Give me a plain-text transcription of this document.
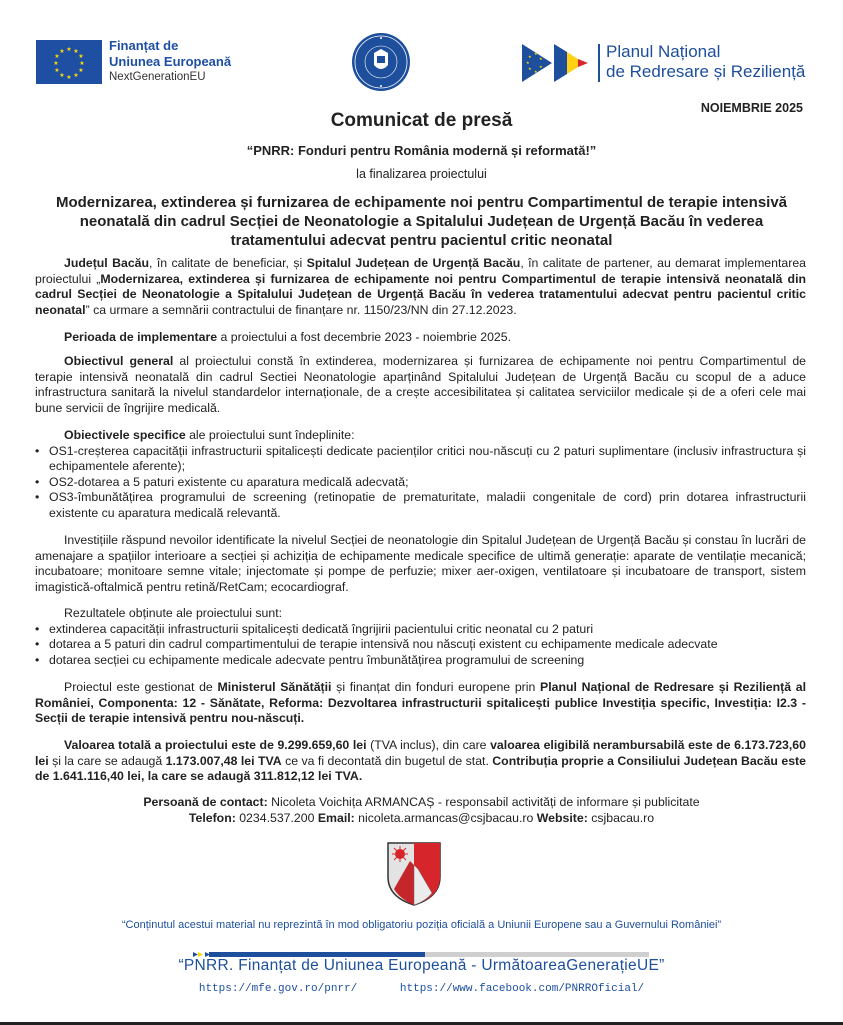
★ ★
★
★
★
★
★
★
★
★
★
★	Finanțat de
Uniunea Europeană
NextGenerationEU
★
★
★
★
★
★
★
Planul Național
de Redresare și Reziliență
NOIEMBRIE 2025
Comunicat de presă
“PNRR: Fonduri pentru România modernă și reformată!”
la finalizarea proiectului
Modernizarea, extinderea și furnizarea de echipamente noi pentru Compartimentul de terapie intensivă neonatală din cadrul Secției de Neonatologie a Spitalului Județean de Urgență Bacău în vederea tratamentului adecvat pentru pacientul critic neonatal

Județul Bacău, în calitate de beneficiar, și Spitalul Județean de Urgență Bacău, în calitate de partener, au demarat implementarea proiectului „Modernizarea, extinderea și furnizarea de echipamente noi pentru Compartimentul de terapie intensivă neonatală din cadrul Secției de Neonatologie a Spitalului Județean de Urgență Bacău în vederea tratamentului adecvat pentru pacientul critic neonatal” ca urmare a semnării contractului de finanțare nr. 1150/23/NN din 27.12.2023.

Perioada de implementare a proiectului a fost decembrie 2023 - noiembrie 2025.

Obiectivul general al proiectului constă în extinderea, modernizarea și furnizarea de echipamente noi pentru Compartimentul de terapie intensivă neonatală din cadrul Sectiei Neonatologie aparținând Spitalului Județean de Urgență Bacău cu scopul de a aduce infrastructura sanitară la nivelul standardelor internaționale, de a crește accesibilitatea și calitatea serviciilor medicale și de a oferi cele mai bune servicii de îngrijire medicală.

Obiectivele specifice ale proiectului sunt îndeplinite:

• OS1-creșterea capacității infrastructurii spitalicești dedicate pacienților critici nou-născuți cu 2 paturi suplimentare (inclusiv infrastructura și echipamentele aferente);
• OS2-dotarea a 5 paturi existente cu aparatura medicală adecvată;
• OS3-îmbunătățirea programului de screening (retinopatie de prematuritate, maladii congenitale de cord) prin dotarea infrastructurii existente cu aparatura medicală relevantă.

Investițiile răspund nevoilor identificate la nivelul Secției de neonatologie din Spitalul Județean de Urgență Bacău și constau în lucrări de amenajare a spațiilor interioare a secției și achiziția de echipamente medicale specifice de ultimă generație: aparate de ventilație mecanică; incubatoare; monitoare semne vitale; injectomate și pompe de perfuzie; mixer aer-oxigen, ventilatoare și incubatoare de transport, sistem imagistică-oftalmică pentru retină/RetCam; ecocardiograf.

Rezultatele obținute ale proiectului sunt:

• extinderea capacității infrastructurii spitalicești dedicată îngrijirii pacientului critic neonatal cu 2 paturi
• dotarea a 5 paturi din cadrul compartimentului de terapie intensivă nou născuți existent cu echipamente medicale adecvate
• dotarea secției cu echipamente medicale adecvate pentru îmbunătățirea programului de screening

Proiectul este gestionat de Ministerul Sănătății și finanțat din fonduri europene prin Planul Național de Redresare și Reziliență al României, Componenta: 12 - Sănătate, Reforma: Dezvoltarea infrastructurii spitalicești publice Investiția specific, Investiția: I2.3 - Secții de terapie intensivă pentru nou-născuți.

Valoarea totală a proiectului este de 9.299.659,60 lei (TVA inclus), din care valoarea eligibilă nerambursabilă este de 6.173.723,60 lei și la care se adaugă 1.173.007,48 lei TVA ce va fi decontată din bugetul de stat. Contribuția proprie a Consiliului Județean Bacău este de 1.641.116,40 lei, la care se adaugă 311.812,12 lei TVA.

Persoană de contact: Nicoleta Voichița ARMANCAȘ - responsabil activități de informare și publicitate
Telefon: 0234.537.200 Email: nicoleta.armancas@csjbacau.ro Website: csjbacau.ro
“Conținutul acestui material nu reprezintă în mod obligatoriu poziția oficială a Uniunii Europene sau a Guvernului României”
“PNRR. Finanțat de Uniunea Europeană - UrmătoareaGenerațieUE”
https://mfe.gov.ro/pnrr/	https://www.facebook.com/PNRROficial/
